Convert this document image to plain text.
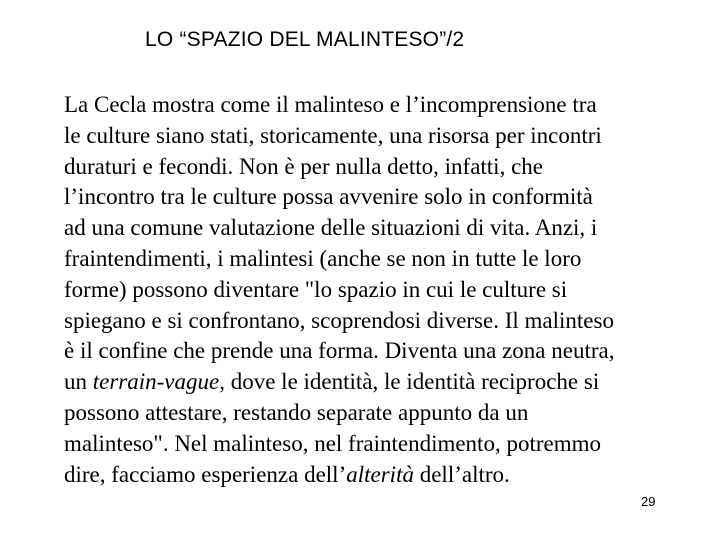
LO “SPAZIO DEL MALINTESO”/2
La Cecla mostra come il malinteso e l’incomprensione tra
le culture siano stati, storicamente, una risorsa per incontri
duraturi e fecondi. Non è per nulla detto, infatti, che
l’incontro tra le culture possa avvenire solo in conformità
ad una comune valutazione delle situazioni di vita. Anzi, i
fraintendimenti, i malintesi (anche se non in tutte le loro
forme) possono diventare "lo spazio in cui le culture si
spiegano e si confrontano, scoprendosi diverse. Il malinteso
è il confine che prende una forma. Diventa una zona neutra,
un terrain-vague, dove le identità, le identità reciproche si
possono attestare, restando separate appunto da un
malinteso". Nel malinteso, nel fraintendimento, potremmo
dire, facciamo esperienza dell’alterità dell’altro.
29
